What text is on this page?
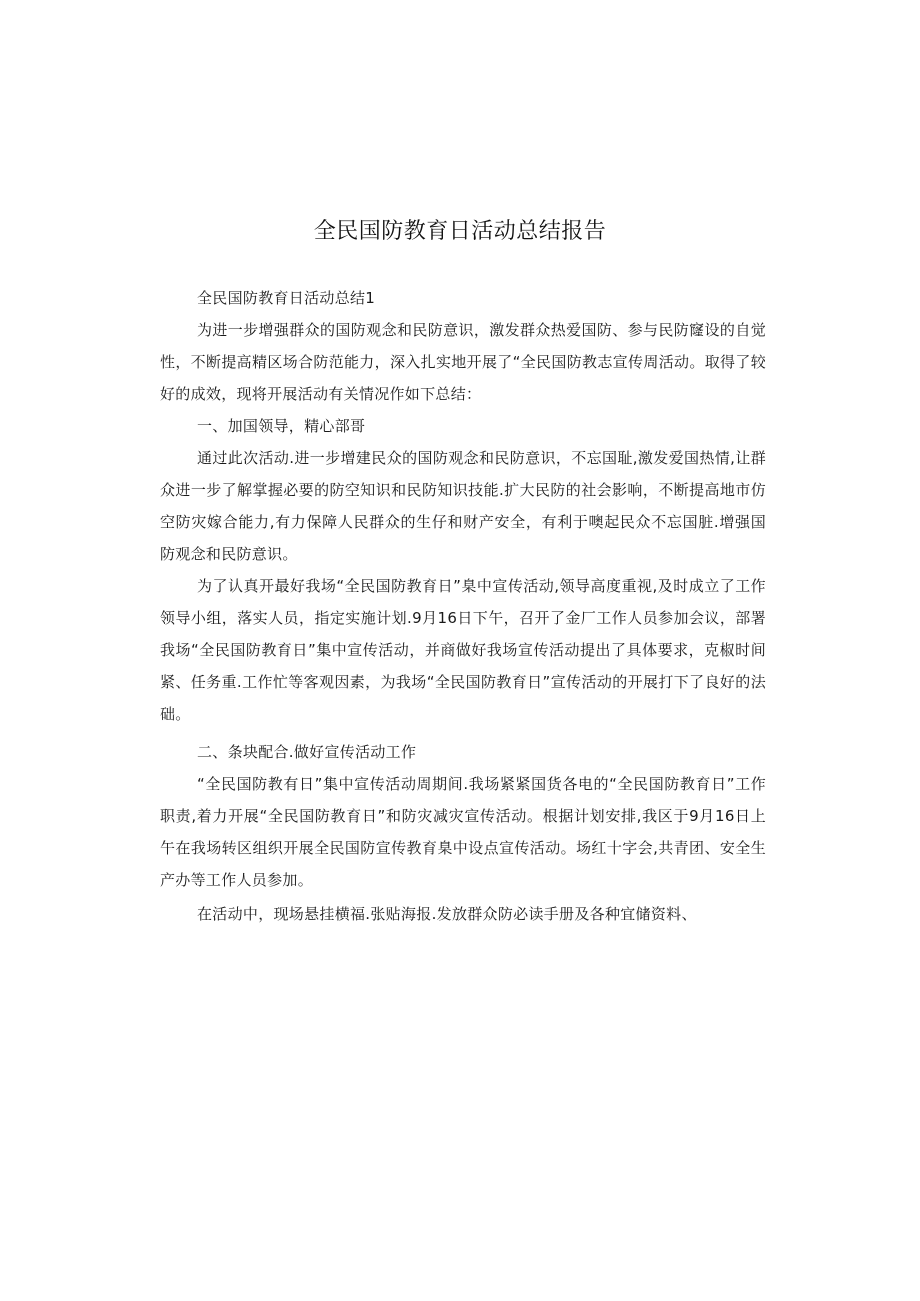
全民国防教育日活动总结报告

全民国防教育日活动总结1

为进一步增强群众的国防观念和民防意识，激发群众热爱国防、参与民防窿设的自觉性，不断提高精区场合防范能力，深入扎实地开展了“全民国防教志宣传周活动。取得了较好的成效，现将开展活动有关情况作如下总结：

一、加国领导，精心部哥

通过此次活动.进一步增建民众的国防观念和民防意识，不忘国耻,激发爱国热情,让群众进一步了解掌握必要的防空知识和民防知识技能.扩大民防的社会影响，不断提高地市仿空防灾嫁合能力,有力保障人民群众的生仔和财产安全，有利于噢起民众不忘国脏.增强国防观念和民防意识。

为了认真开最好我场“全民国防教育日”臬中宣传活动,领导高度重视,及时成立了工作领导小组，落实人员，指定实施计划.9月16日下午，召开了金厂工作人员参加会议，部署我场“全民国防教育日”集中宣传活动，并商做好我场宣传活动提出了具体要求，克椒时间紧、任务重.工作忙等客观因素，为我场“全民国防教育日”宣传活动的开展打下了良好的法础。

二、条块配合.做好宣传活动工作

“全民国防教有日”集中宣传活动周期间.我场紧紧国货各电的“全民国防教育日”工作职责,着力开展“全民国防教育日”和防灾减灾宣传活动。根据计划安排,我区于9月16日上午在我场转区组织开展全民国防宣传教育臬中设点宣传活动。场红十字会,共青团、安全生产办等工作人员参加。

在活动中，现场悬挂横福.张贴海报.发放群众防必读手册及各种宜储资料、
